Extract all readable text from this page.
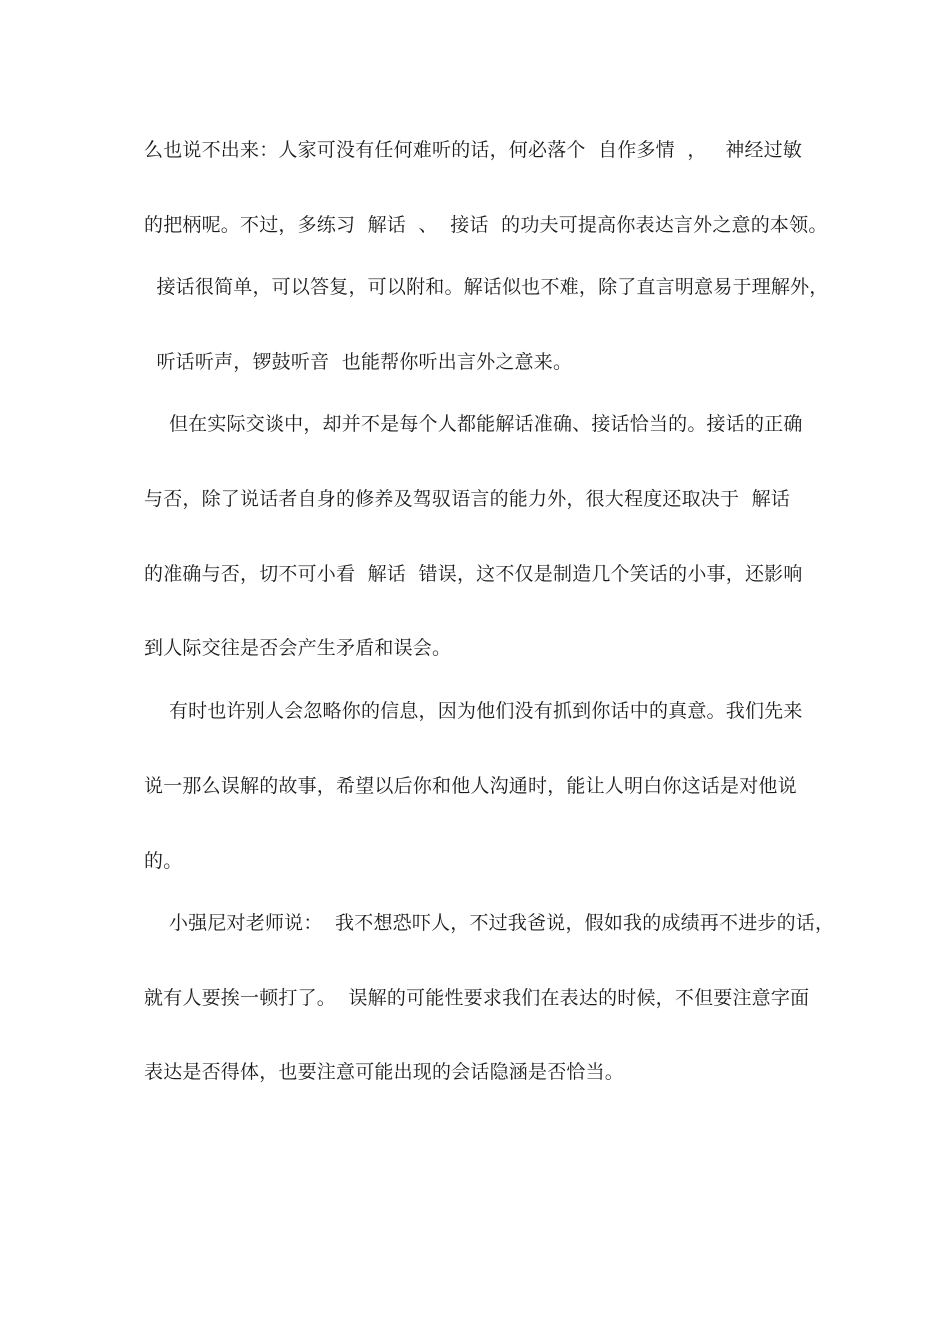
么也说不出来：人家可没有任何难听的话，何必落个  自作多情  ，   神经过敏
的把柄呢。不过，多练习  解话  、  接话  的功夫可提高你表达言外之意的本领。
接话很简单，可以答复，可以附和。解话似也不难，除了直言明意易于理解外，
听话听声，锣鼓听音  也能帮你听出言外之意来。
但在实际交谈中，却并不是每个人都能解话准确、接话恰当的。接话的正确
与否，除了说话者自身的修养及驾驭语言的能力外，很大程度还取决于  解话
的准确与否，切不可小看  解话  错误，这不仅是制造几个笑话的小事，还影响
到人际交往是否会产生矛盾和误会。
有时也许别人会忽略你的信息，因为他们没有抓到你话中的真意。我们先来
说一那么误解的故事，希望以后你和他人沟通时，能让人明白你这话是对他说
的。
小强尼对老师说：  我不想恐吓人，不过我爸说，假如我的成绩再不进步的话，
就有人要挨一顿打了。  误解的可能性要求我们在表达的时候，不但要注意字面
表达是否得体，也要注意可能出现的会话隐涵是否恰当。
